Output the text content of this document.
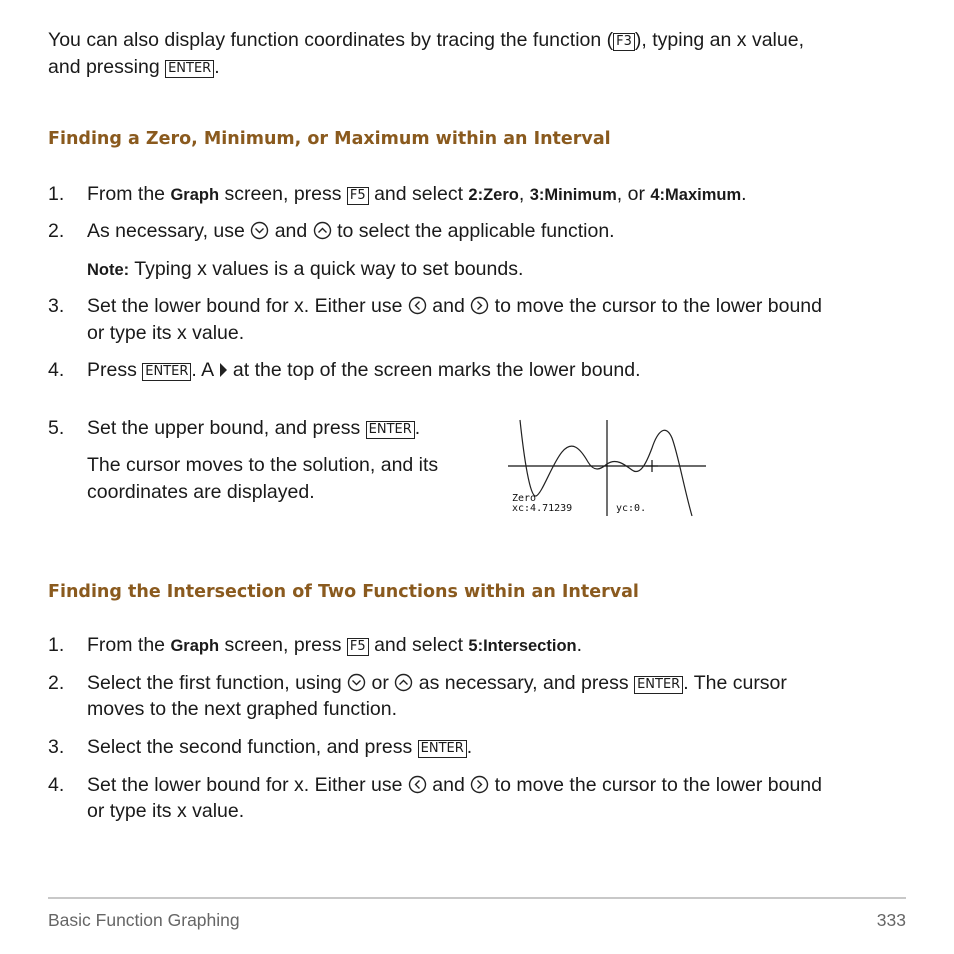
You can also display function coordinates by tracing the function ( F3 ), typing an x value,
and pressing ENTER .
Finding a Zero, Minimum, or Maximum within an Interval
1. From the Graph screen, press F5 and select 2:Zero, 3:Minimum, or 4:Maximum.
2. As necessary, use  and  to select the applicable function.
Note: Typing x values is a quick way to set bounds.
3. Set the lower bound for x. Either use  and  to move the cursor to the lower bound
or type its x value.
4. Press ENTER . A  at the top of the screen marks the lower bound.
5. Set the upper bound, and press ENTER .
The cursor moves to the solution, and its
coordinates are displayed.	Zero
xc:4.71239	yc:0.
Finding the Intersection of Two Functions within an Interval
1. From the Graph screen, press F5 and select 5:Intersection.
2. Select the first function, using  or  as necessary, and press ENTER . The cursor
moves to the next graphed function.
3. Select the second function, and press ENTER .
4. Set the lower bound for x. Either use  and  to move the cursor to the lower bound
or type its x value.
Basic Function Graphing	333
